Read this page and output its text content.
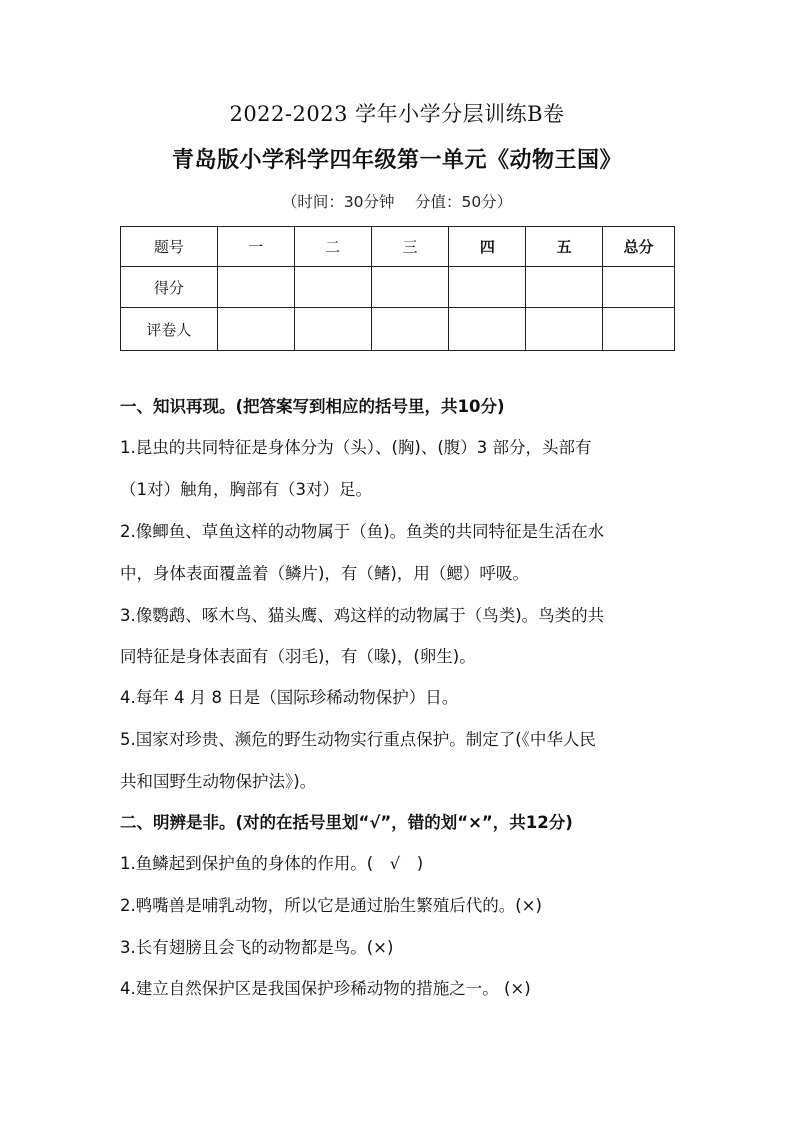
2022-2023 学年小学分层训练B卷
青岛版小学科学四年级第一单元《动物王国》
（时间：30分钟　 分值：50分）
题号	一	二	三	四	五	总分
得分						
评卷人						
一、知识再现。(把答案写到相应的括号里，共10分)
1.昆虫的共同特征是身体分为（头）、(胸)、(腹）3 部分，头部有
（1对）触角，胸部有（3对）足。
2.像鲫鱼、草鱼这样的动物属于（鱼)。鱼类的共同特征是生活在水
中，身体表面覆盖着（鳞片)，有（鳍)，用（鳃）呼吸。
3.像鹦鹉、啄木鸟、猫头鹰、鸡这样的动物属于（鸟类)。鸟类的共
同特征是身体表面有（羽毛)，有（喙)，(卵生)。
4.每年 4 月 8 日是（国际珍稀动物保护）日。
5.国家对珍贵、濒危的野生动物实行重点保护。制定了(《中华人民
共和国野生动物保护法》)。
二、明辨是非。(对的在括号里划“√”，错的划“×”，共12分)
1.鱼鳞起到保护鱼的身体的作用。(　√　)
2.鸭嘴兽是哺乳动物，所以它是通过胎生繁殖后代的。(×)
3.长有翅膀且会飞的动物都是鸟。(×)
4.建立自然保护区是我国保护珍稀动物的措施之一。 (×)
